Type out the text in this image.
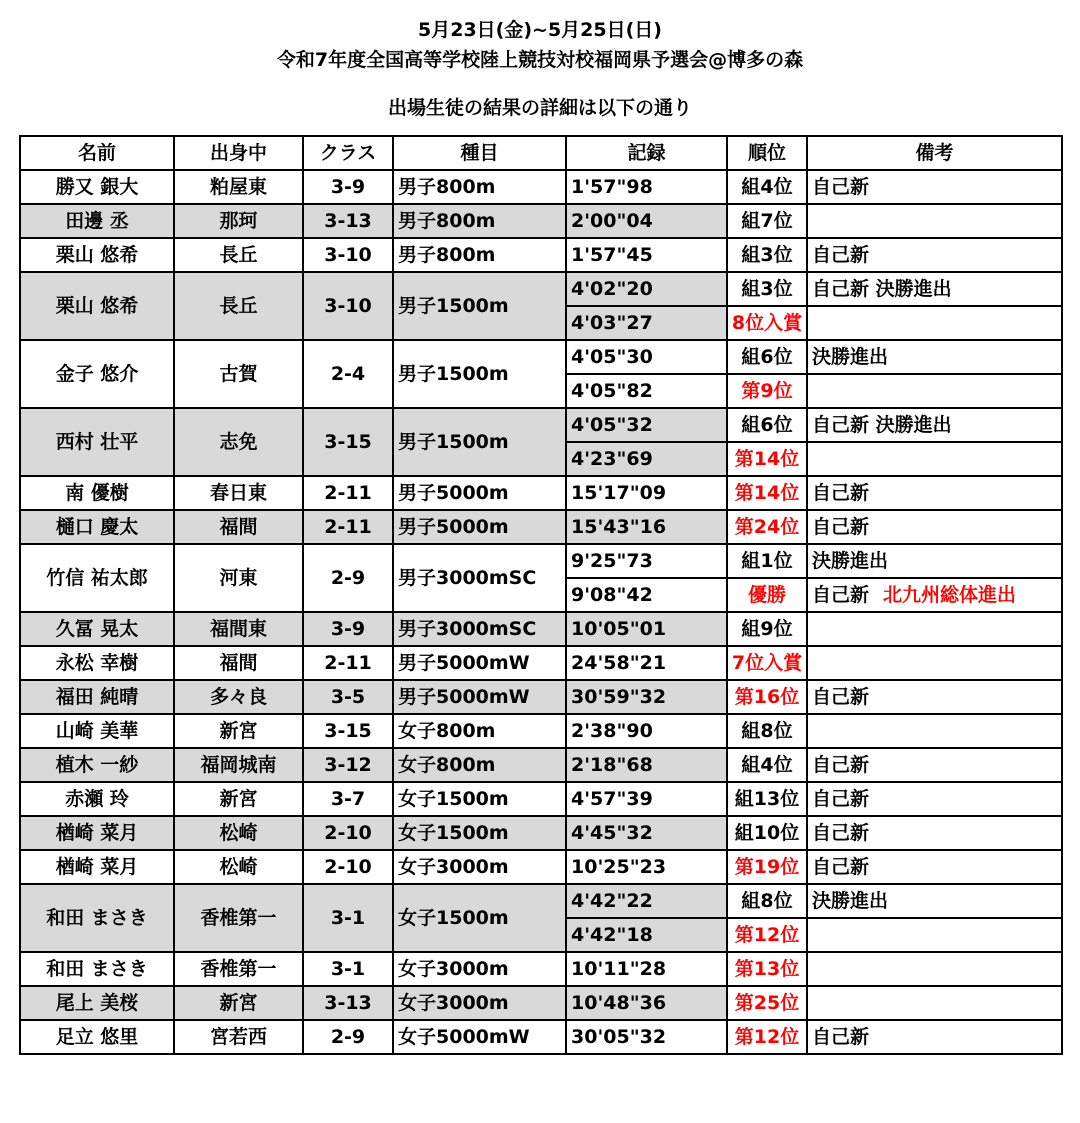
5月23日(金)~5月25日(日)
令和7年度全国高等学校陸上競技対校福岡県予選会@博多の森
出場生徒の結果の詳細は以下の通り
名前	出身中	クラス	種目	記録	順位	備考
勝又 銀大	粕屋東	3-9	男子800m	1'57"98	組4位	自己新
田邊 丞	那珂	3-13	男子800m	2'00"04	組7位	
栗山 悠希	長丘	3-10	男子800m	1'57"45	組3位	自己新
栗山 悠希	長丘	3-10	男子1500m	4'02"20	組3位	自己新 決勝進出
				4'03"27	8位入賞	
金子 悠介	古賀	2-4	男子1500m	4'05"30	組6位	決勝進出
				4'05"82	第9位	
西村 壮平	志免	3-15	男子1500m	4'05"32	組6位	自己新 決勝進出
				4'23"69	第14位	
南 優樹	春日東	2-11	男子5000m	15'17"09	第14位	自己新
樋口 慶太	福間	2-11	男子5000m	15'43"16	第24位	自己新
竹信 祐太郎	河東	2-9	男子3000mSC	9'25"73	組1位	決勝進出
				9'08"42	優勝	自己新 北九州総体進出
久冨 晃太	福間東	3-9	男子3000mSC	10'05"01	組9位	
永松 幸樹	福間	2-11	男子5000mW	24'58"21	7位入賞	
福田 純晴	多々良	3-5	男子5000mW	30'59"32	第16位	自己新
山崎 美華	新宮	3-15	女子800m	2'38"90	組8位	
植木 一紗	福岡城南	3-12	女子800m	2'18"68	組4位	自己新
赤瀬 玲	新宮	3-7	女子1500m	4'57"39	組13位	自己新
楢崎 菜月	松崎	2-10	女子1500m	4'45"32	組10位	自己新
楢崎 菜月	松崎	2-10	女子3000m	10'25"23	第19位	自己新
和田 まさき	香椎第一	3-1	女子1500m	4'42"22	組8位	決勝進出
				4'42"18	第12位	
和田 まさき	香椎第一	3-1	女子3000m	10'11"28	第13位	
尾上 美桜	新宮	3-13	女子3000m	10'48"36	第25位	
足立 悠里	宮若西	2-9	女子5000mW	30'05"32	第12位	自己新
